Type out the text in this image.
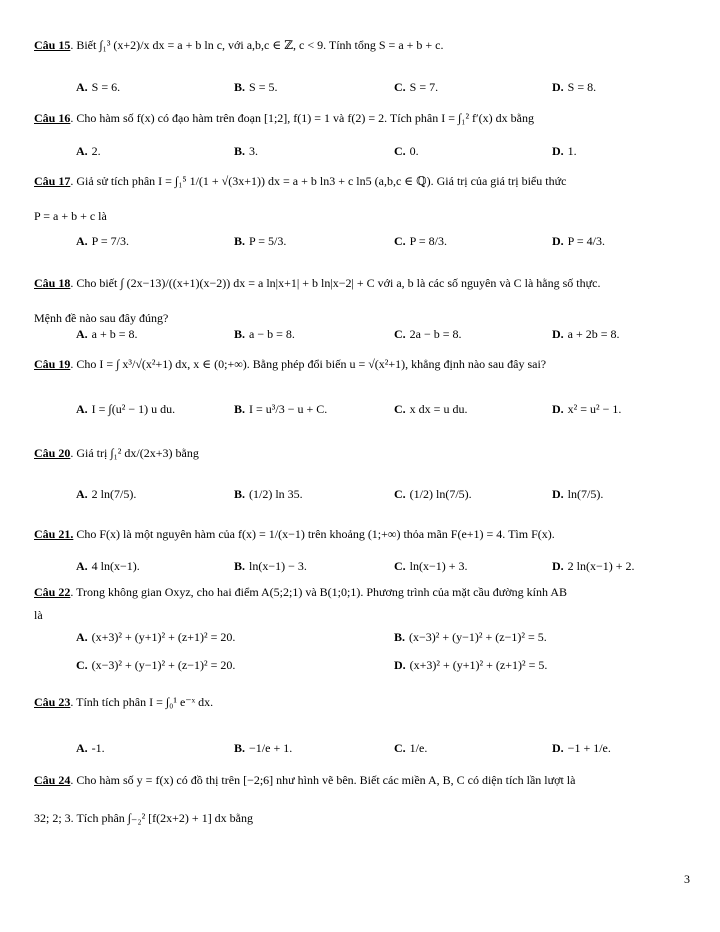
Câu 15. Biết ∫₁³ (x+2)/x dx = a + b ln c, với a,b,c ∈ ℤ, c < 9. Tính tổng S = a + b + c.
A. S = 6.	B. S = 5.	C. S = 7.	D. S = 8.
Câu 16. Cho hàm số f(x) có đạo hàm trên đoạn [1;2], f(1) = 1 và f(2) = 2. Tích phân I = ∫₁² f′(x) dx bằng
A. 2.	B. 3.	C. 0.	D. 1.
Câu 17. Giả sử tích phân I = ∫₁⁵ 1/(1 + √(3x+1)) dx = a + b ln3 + c ln5 (a,b,c ∈ ℚ). Giá trị của giá trị biểu thức
P = a + b + c là
A. P = 7/3.	B. P = 5/3.	C. P = 8/3.	D. P = 4/3.
Câu 18. Cho biết ∫ (2x−13)/((x+1)(x−2)) dx = a ln|x+1| + b ln|x−2| + C với a, b là các số nguyên và C là hằng số thực.
Mệnh đề nào sau đây đúng?
A. a + b = 8.	B. a − b = 8.	C. 2a − b = 8.	D. a + 2b = 8.
Câu 19. Cho I = ∫ x³/√(x²+1) dx, x ∈ (0;+∞). Bằng phép đổi biến u = √(x²+1), khẳng định nào sau đây sai?
A. I = ∫(u² − 1) u du.	B. I = u³/3 − u + C.	C. x dx = u du.	D. x² = u² − 1.
Câu 20. Giá trị ∫₁² dx/(2x+3) bằng
A. 2 ln(7/5).	B. (1/2) ln 35.	C. (1/2) ln(7/5).	D. ln(7/5).
Câu 21. Cho F(x) là một nguyên hàm của f(x) = 1/(x−1) trên khoảng (1;+∞) thỏa mãn F(e+1) = 4. Tìm F(x).
A. 4 ln(x−1).	B. ln(x−1) − 3.	C. ln(x−1) + 3.	D. 2 ln(x−1) + 2.
Câu 22. Trong không gian Oxyz, cho hai điểm A(5;2;1) và B(1;0;1). Phương trình của mặt cầu đường kính AB
là
A. (x+3)² + (y+1)² + (z+1)² = 20.	B. (x−3)² + (y−1)² + (z−1)² = 5.
C. (x−3)² + (y−1)² + (z−1)² = 20.	D. (x+3)² + (y+1)² + (z+1)² = 5.
Câu 23. Tính tích phân I = ∫₀¹ e⁻ˣ dx.
A. -1.	B. −1/e + 1.	C. 1/e.	D. −1 + 1/e.
Câu 24. Cho hàm số y = f(x) có đồ thị trên [−2;6] như hình vẽ bên. Biết các miền A, B, C có diện tích lần lượt là
32; 2; 3. Tích phân ∫₋₂² [f(2x+2) + 1] dx bằng
3
